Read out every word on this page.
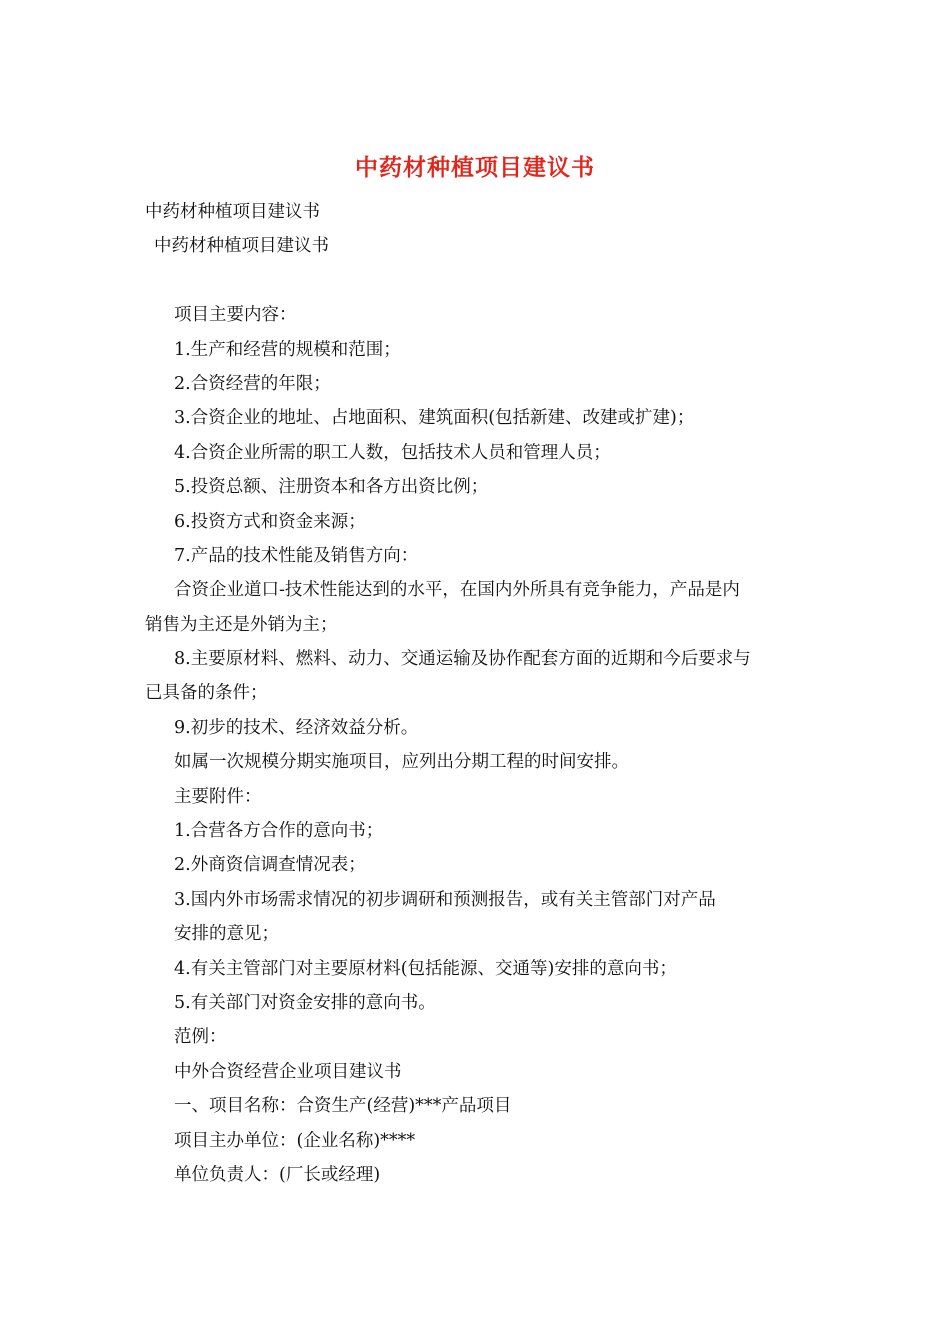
中药材种植项目建议书
中药材种植项目建议书
中药材种植项目建议书
项目主要内容：
1.生产和经营的规模和范围；
2.合资经营的年限；
3.合资企业的地址、占地面积、建筑面积(包括新建、改建或扩建)；
4.合资企业所需的职工人数，包括技术人员和管理人员；
5.投资总额、注册资本和各方出资比例；
6.投资方式和资金来源；
7.产品的技术性能及销售方向：
合资企业道口-技术性能达到的水平，在国内外所具有竞争能力，产品是内
销售为主还是外销为主；
8.主要原材料、燃料、动力、交通运输及协作配套方面的近期和今后要求与
已具备的条件；
9.初步的技术、经济效益分析。
如属一次规模分期实施项目，应列出分期工程的时间安排。
主要附件：
1.合营各方合作的意向书；
2.外商资信调查情况表；
3.国内外市场需求情况的初步调研和预测报告，或有关主管部门对产品
安排的意见；
4.有关主管部门对主要原材料(包括能源、交通等)安排的意向书；
5.有关部门对资金安排的意向书。
范例：
中外合资经营企业项目建议书
一、项目名称：合资生产(经营)***产品项目
项目主办单位：(企业名称)****
单位负责人：(厂长或经理)
